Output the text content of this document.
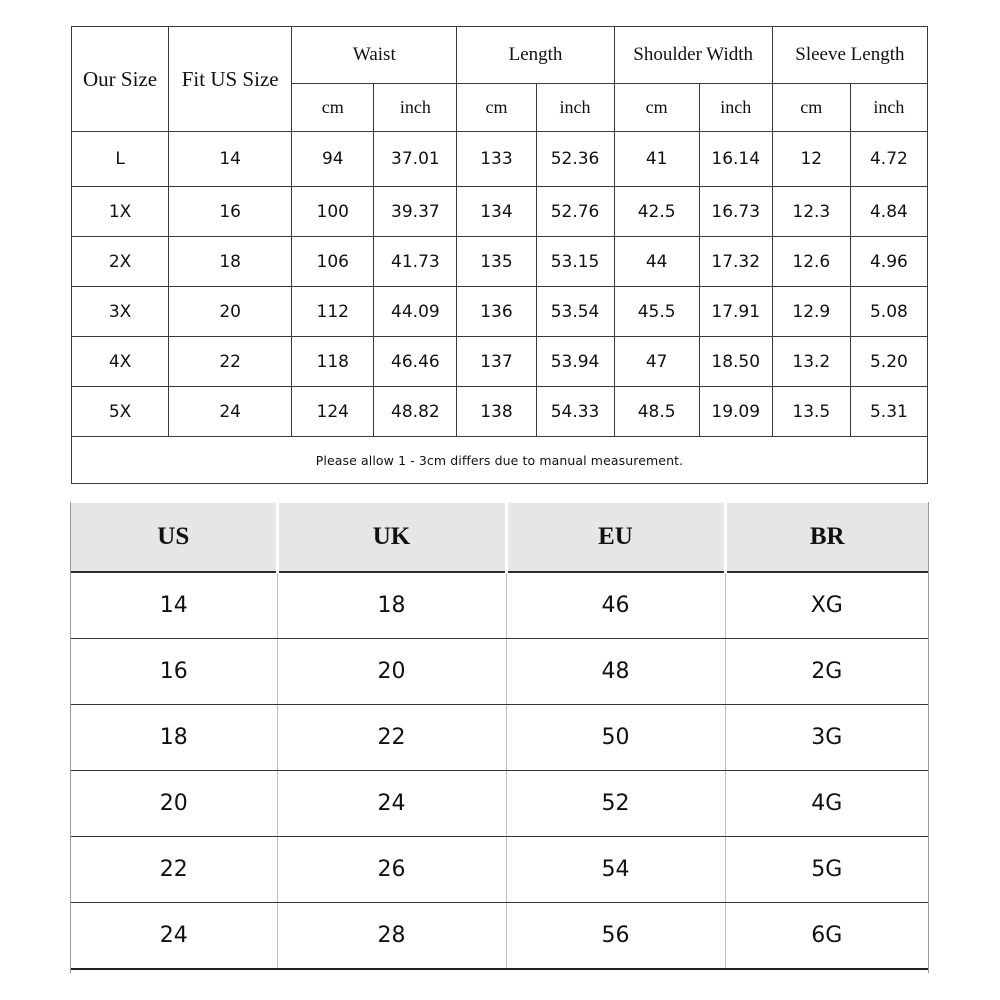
Our Size	Fit US Size	Waist		Length		Shoulder Width		Sleeve Length	
		cm	inch	cm	inch	cm	inch	cm	inch
L	14	94	37.01	133	52.36	41	16.14	12	4.72
1X	16	100	39.37	134	52.76	42.5	16.73	12.3	4.84
2X	18	106	41.73	135	53.15	44	17.32	12.6	4.96
3X	20	112	44.09	136	53.54	45.5	17.91	12.9	5.08
4X	22	118	46.46	137	53.94	47	18.50	13.2	5.20
5X	24	124	48.82	138	54.33	48.5	19.09	13.5	5.31
Please allow 1 - 3cm differs due to manual measurement.									
US	UK	EU	BR
14	18	46	XG
16	20	48	2G
18	22	50	3G
20	24	52	4G
22	26	54	5G
24	28	56	6G
